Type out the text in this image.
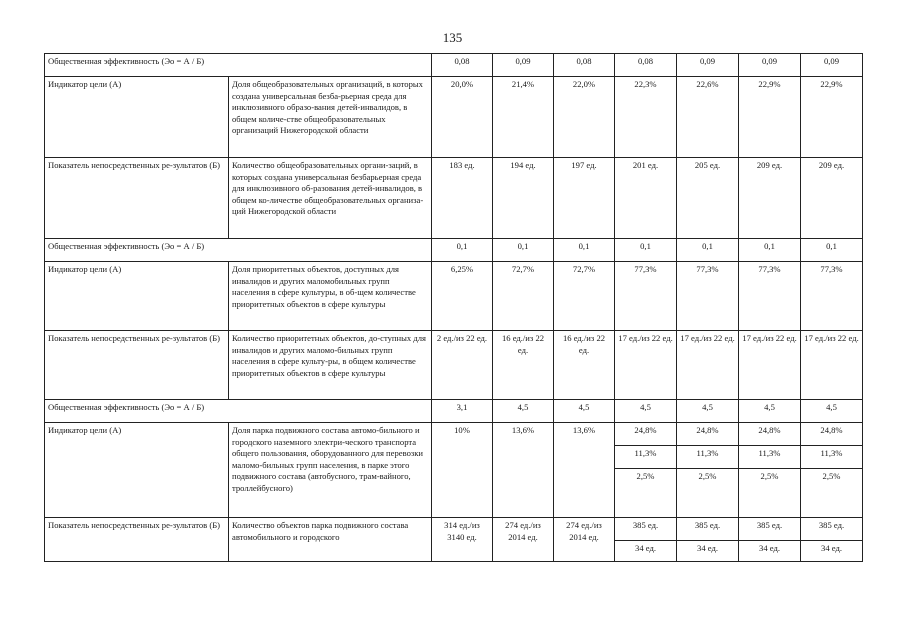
135
Общественная эффективность (Эо = А / Б)		0,08	0,09	0,08	0,08	0,09	0,09	0,09
Индикатор цели (А)	Доля общеобразовательных организаций, в которых создана универсальная безба-рьерная среда для инклюзивного образо-вания детей-инвалидов, в общем количе-стве общеобразовательных организаций Нижегородской области	20,0%	21,4%	22,0%	22,3%	22,6%	22,9%	22,9%
Показатель непосредственных ре-зультатов (Б)	Количество общеобразовательных органи-заций, в которых создана универсальная безбарьерная среда для инклюзивного об-разования детей-инвалидов, в общем ко-личестве общеобразовательных организа-ций Нижегородской области	183 ед.	194 ед.	197 ед.	201 ед.	205 ед.	209 ед.	209 ед.
Общественная эффективность (Эо = А / Б)		0,1	0,1	0,1	0,1	0,1	0,1	0,1
Индикатор цели (А)	Доля приоритетных объектов, доступных для инвалидов и других маломобильных групп населения в сфере культуры, в об-щем количестве приоритетных объектов в сфере культуры	6,25%	72,7%	72,7%	77,3%	77,3%	77,3%	77,3%
Показатель непосредственных ре-зультатов (Б)	Количество приоритетных объектов, до-ступных для инвалидов и других маломо-бильных групп населения в сфере культу-ры, в общем количестве приоритетных объектов в сфере культуры	2 ед./из 22 ед.	16 ед./из 22 ед.	16 ед./из 22 ед.	17 ед./из 22 ед.	17 ед./из 22 ед.	17 ед./из 22 ед.	17 ед./из 22 ед.
Общественная эффективность (Эо = А / Б)		3,1	4,5	4,5	4,5	4,5	4,5	4,5
Индикатор цели (А)	Доля парка подвижного состава автомо-бильного и городского наземного электри-ческого транспорта общего пользования, оборудованного для перевозки маломо-бильных групп населения, в парке этого подвижного состава (автобусного, трам-вайного, троллейбусного)	10%	13,6%	13,6%	24,8%	24,8%	24,8%	24,8%
					11,3%	11,3%	11,3%	11,3%
					2,5%	2,5%	2,5%	2,5%
Показатель непосредственных ре-зультатов (Б)	Количество объектов парка подвижного состава автомобильного и городского	314 ед./из 3140 ед.	274 ед./из 2014 ед.	274 ед./из 2014 ед.	385 ед.	385 ед.	385 ед.	385 ед.
					34 ед.	34 ед.	34 ед.	34 ед.
